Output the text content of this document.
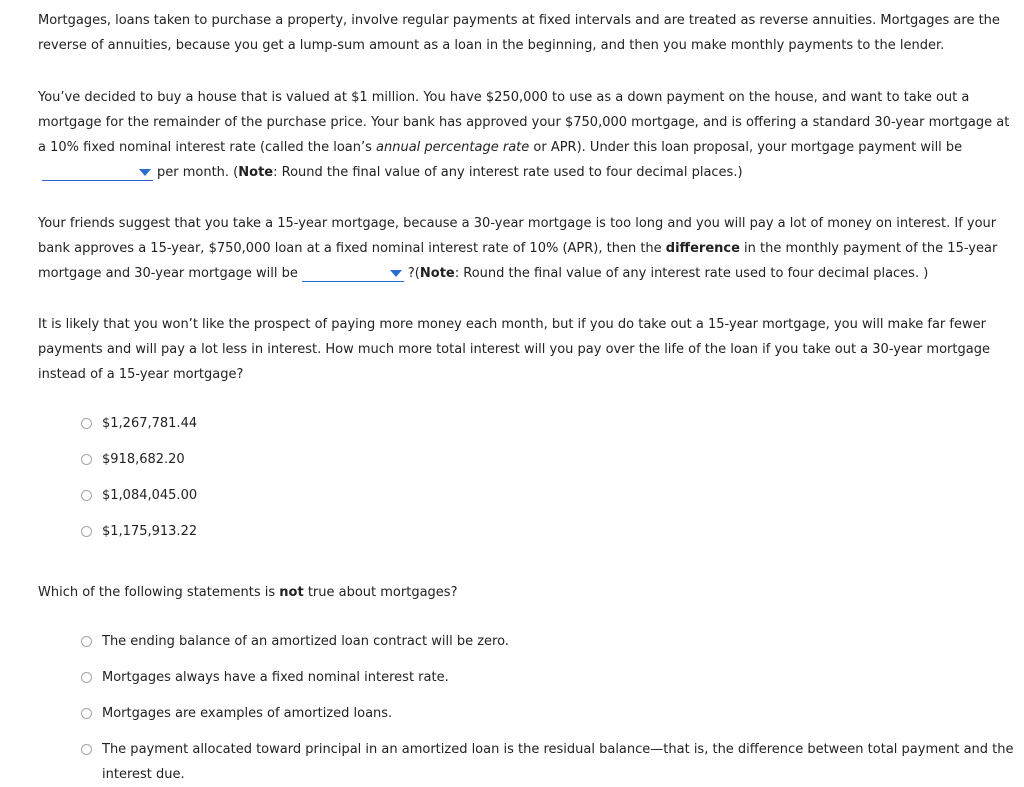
Mortgages, loans taken to purchase a property, involve regular payments at fixed intervals and are treated as reverse annuities. Mortgages are the reverse of annuities, because you get a lump-sum amount as a loan in the beginning, and then you make monthly payments to the lender.

You’ve decided to buy a house that is valued at $1 million. You have $250,000 to use as a down payment on the house, and want to take out a mortgage for the remainder of the purchase price. Your bank has approved your $750,000 mortgage, and is offering a standard 30-year mortgage at a 10% fixed nominal interest rate (called the loan’s annual percentage rate or APR). Under this loan proposal, your mortgage payment will be
per month. (Note: Round the final value of any interest rate used to four decimal places.)

Your friends suggest that you take a 15-year mortgage, because a 30-year mortgage is too long and you will pay a lot of money on interest. If your bank approves a 15-year, $750,000 loan at a fixed nominal interest rate of 10% (APR), then the difference in the monthly payment of the 15-year mortgage and 30-year mortgage will be	?(Note: Round the final value of any interest rate used to four decimal places. )

It is likely that you won’t like the prospect of paying more money each month, but if you do take out a 15-year mortgage, you will make far fewer payments and will pay a lot less in interest. How much more total interest will you pay over the life of the loan if you take out a 30-year mortgage instead of a 15-year mortgage?

$1,267,781.44
$918,682.20
$1,084,045.00
$1,175,913.22

Which of the following statements is not true about mortgages?

The ending balance of an amortized loan contract will be zero.
Mortgages always have a fixed nominal interest rate.
Mortgages are examples of amortized loans.
The payment allocated toward principal in an amortized loan is the residual balance—that is, the difference between total payment and the interest due.
